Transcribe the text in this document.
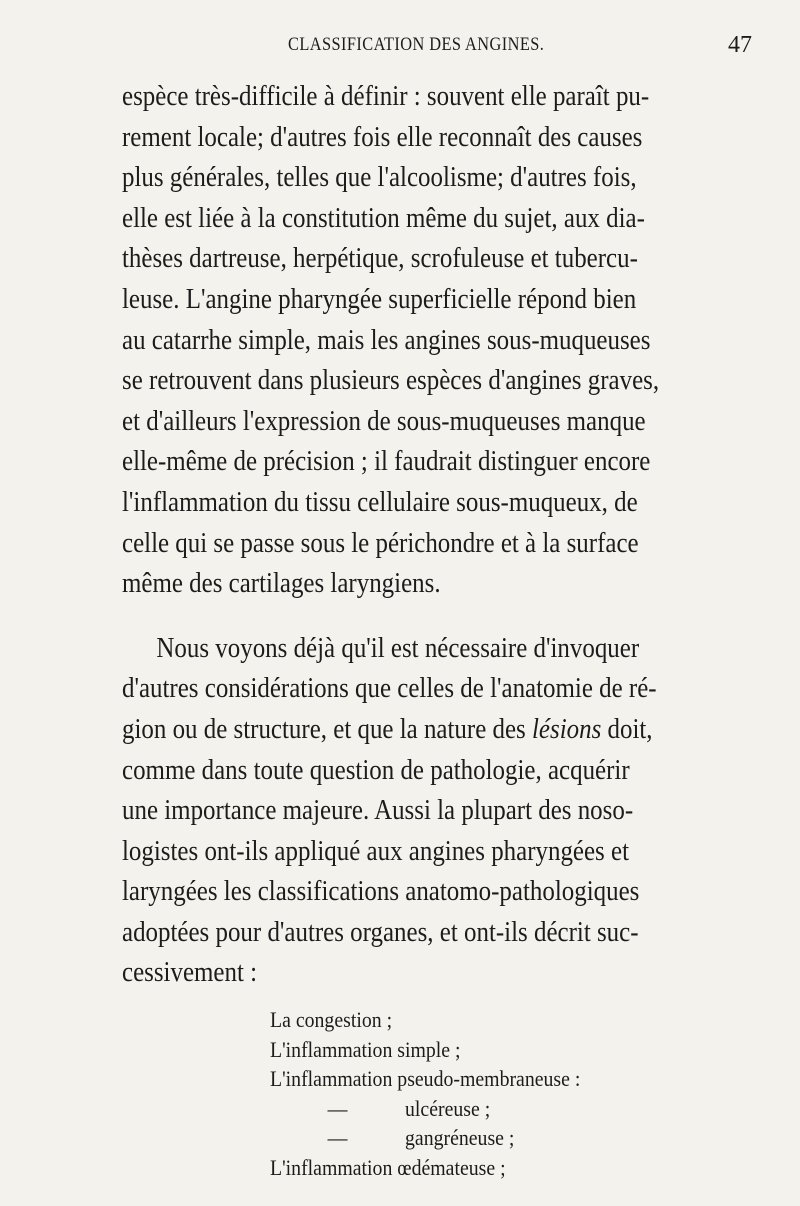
CLASSIFICATION DES ANGINES.	47
espèce très-difficile à définir : souvent elle paraît pu-
rement locale; d'autres fois elle reconnaît des causes
plus générales, telles que l'alcoolisme; d'autres fois,
elle est liée à la constitution même du sujet, aux dia-
thèses dartreuse, herpétique, scrofuleuse et tubercu-
leuse. L'angine pharyngée superficielle répond bien
au catarrhe simple, mais les angines sous-muqueuses
se retrouvent dans plusieurs espèces d'angines graves,
et d'ailleurs l'expression de sous-muqueuses manque
elle-même de précision ; il faudrait distinguer encore
l'inflammation du tissu cellulaire sous-muqueux, de
celle qui se passe sous le périchondre et à la surface
même des cartilages laryngiens.
Nous voyons déjà qu'il est nécessaire d'invoquer
d'autres considérations que celles de l'anatomie de ré-
gion ou de structure, et que la nature des lésions doit,
comme dans toute question de pathologie, acquérir
une importance majeure. Aussi la plupart des noso-
logistes ont-ils appliqué aux angines pharyngées et
laryngées les classifications anatomo-pathologiques
adoptées pour d'autres organes, et ont-ils décrit suc-
cessivement :
La congestion ;
L'inflammation simple ;
L'inflammation pseudo-membraneuse :
—	ulcéreuse ;
—	gangréneuse ;
L'inflammation œdémateuse ;
